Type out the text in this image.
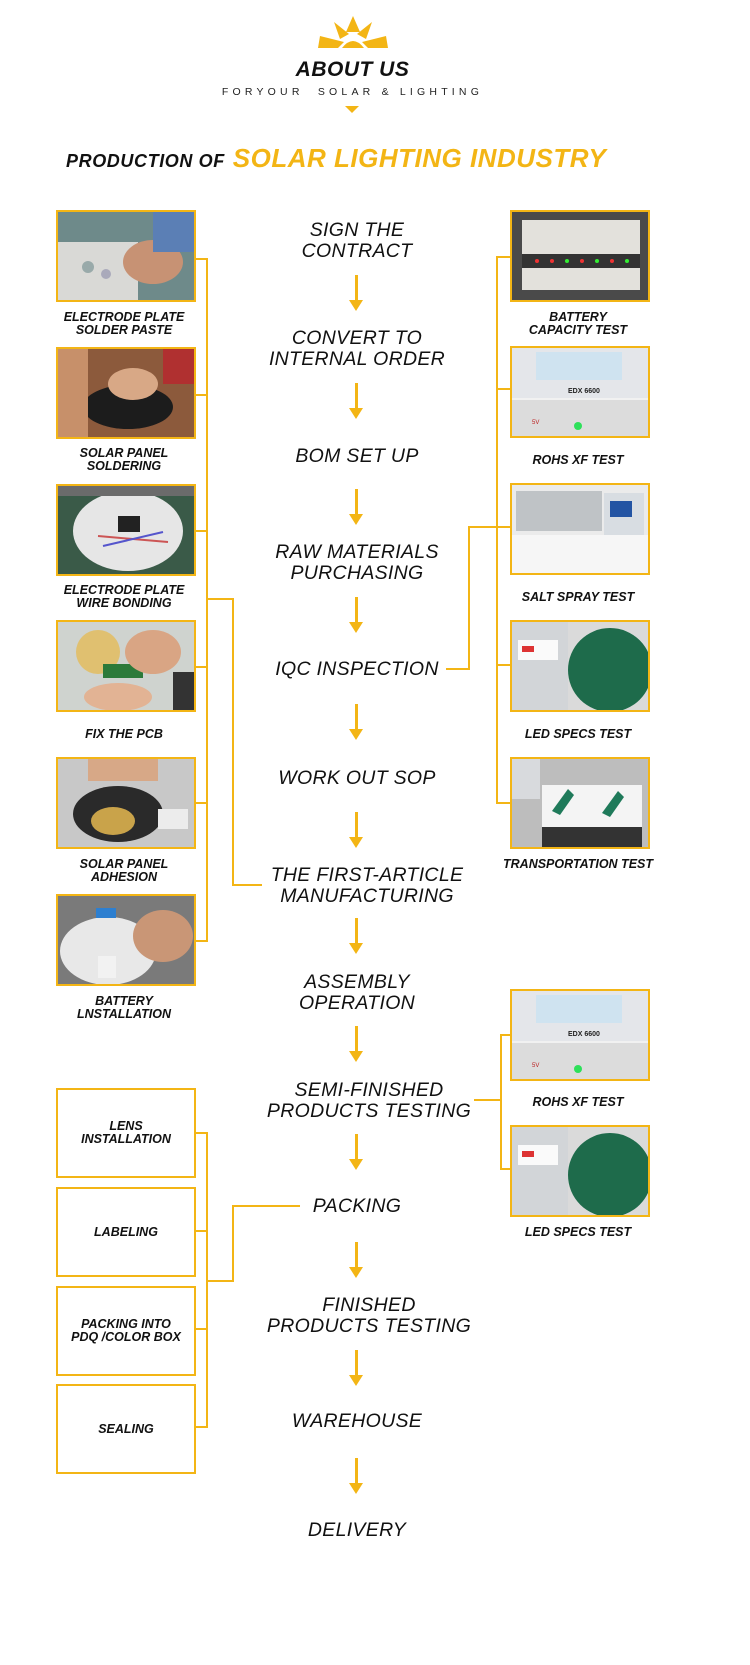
ABOUT US
FORYOUR  SOLAR & LIGHTING
PRODUCTION OF SOLAR LIGHTING INDUSTRY
SIGN THE
CONTRACT
CONVERT TO
INTERNAL ORDER
BOM SET UP
RAW MATERIALS
PURCHASING
IQC INSPECTION
WORK OUT SOP
THE FIRST-ARTICLE
MANUFACTURING
ASSEMBLY
OPERATION
SEMI-FINISHED
PRODUCTS TESTING
PACKING
FINISHED
PRODUCTS TESTING
WAREHOUSE
DELIVERY
ELECTRODE PLATE
SOLDER PASTE
SOLAR PANEL
SOLDERING
ELECTRODE PLATE
WIRE BONDING
FIX THE PCB
SOLAR PANEL
ADHESION
BATTERY
LNSTALLATION
BATTERY
CAPACITY TEST
EDX 6600
5V
ROHS XF TEST
SALT SPRAY TEST
LED SPECS TEST
TRANSPORTATION TEST
EDX 6600
5V
ROHS XF TEST
LED SPECS TEST
LENS
INSTALLATION
LABELING
PACKING INTO
PDQ /COLOR BOX
SEALING
